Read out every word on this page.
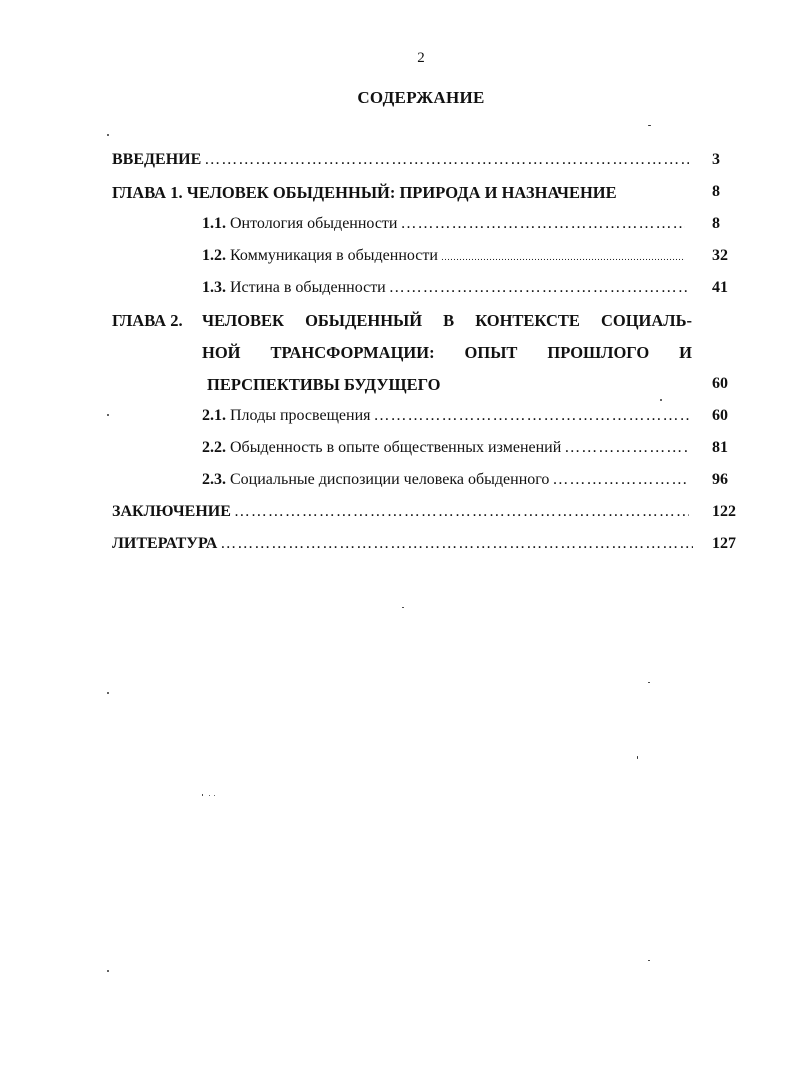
2
СОДЕРЖАНИЕ
ВВЕДЕНИЕ …………………………………………………………………………………………………………………………………………………………	3
ГЛАВА 1. ЧЕЛОВЕК ОБЫДЕННЫЙ: ПРИРОДА И НАЗНАЧЕНИЕ	8
1.1. Онтология обыденности …………………………………………………………………………………………………………………………………………………………	8
1.2. Коммуникация в обыденности …………………………………………………………………………………………………………………………………………………………	32
1.3. Истина в обыденности …………………………………………………………………………………………………………………………………………………………	41
ГЛАВА 2. ЧЕЛОВЕК ОБЫДЕННЫЙ В КОНТЕКСТЕ СОЦИАЛЬ-
НОЙ ТРАНСФОРМАЦИИ: ОПЫТ ПРОШЛОГО И
ПЕРСПЕКТИВЫ БУДУЩЕГО	60
2.1. Плоды просвещения …………………………………………………………………………………………………………………………………………………………	60
2.2. Обыденность в опыте общественных изменений …………………………………………………………………………………………………………………………………………………………	81
2.3. Социальные диспозиции человека обыденного …………………………………………………………………………………………………………………………………………………………	96
ЗАКЛЮЧЕНИЕ …………………………………………………………………………………………………………………………………………………………	122
ЛИТЕРАТУРА …………………………………………………………………………………………………………………………………………………………	127
